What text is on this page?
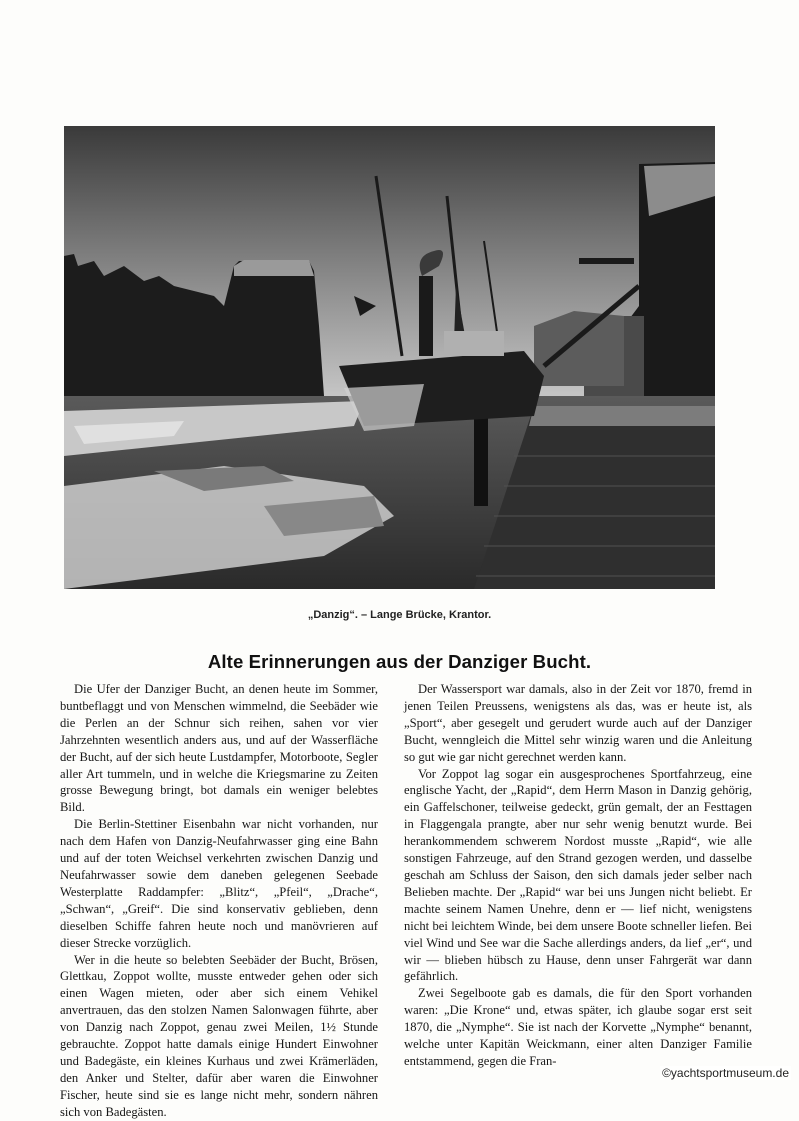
„Danzig“. – Lange Brücke, Krantor.
Alte Erinnerungen aus der Danziger Bucht.

Die Ufer der Danziger Bucht, an denen heute im Sommer, buntbeflaggt und von Menschen wimmelnd, die Seebäder wie die Perlen an der Schnur sich reihen, sahen vor vier Jahrzehnten wesentlich anders aus, und auf der Wasserfläche der Bucht, auf der sich heute Lustdampfer, Motorboote, Segler aller Art tummeln, und in welche die Kriegsmarine zu Zeiten grosse Bewegung bringt, bot damals ein weniger belebtes Bild.

Die Berlin-Stettiner Eisenbahn war nicht vorhanden, nur nach dem Hafen von Danzig-Neufahrwasser ging eine Bahn und auf der toten Weichsel verkehrten zwischen Danzig und Neufahrwasser sowie dem daneben gelegenen Seebade Westerplatte Raddampfer: „Blitz“, „Pfeil“, „Drache“, „Schwan“, „Greif“. Die sind konservativ geblieben, denn dieselben Schiffe fahren heute noch und manövrieren auf dieser Strecke vorzüglich.

Wer in die heute so belebten Seebäder der Bucht, Brösen, Glettkau, Zoppot wollte, musste entweder gehen oder sich einen Wagen mieten, oder aber sich einem Vehikel anvertrauen, das den stolzen Namen Salonwagen führte, aber von Danzig nach Zoppot, genau zwei Meilen, 1½ Stunde gebrauchte. Zoppot hatte damals einige Hundert Einwohner und Badegäste, ein kleines Kurhaus und zwei Krämerläden, den Anker und Stelter, dafür aber waren die Einwohner Fischer, heute sind sie es lange nicht mehr, sondern nähren sich von Badegästen.

Der Wassersport war damals, also in der Zeit vor 1870, fremd in jenen Teilen Preussens, wenigstens als das, was er heute ist, als „Sport“, aber gesegelt und gerudert wurde auch auf der Danziger Bucht, wenngleich die Mittel sehr winzig waren und die Anleitung so gut wie gar nicht gerechnet werden kann.

Vor Zoppot lag sogar ein ausgesprochenes Sportfahrzeug, eine englische Yacht, der „Rapid“, dem Herrn Mason in Danzig gehörig, ein Gaffelschoner, teilweise gedeckt, grün gemalt, der an Festtagen in Flaggengala prangte, aber nur sehr wenig benutzt wurde. Bei herankommendem schwerem Nordost musste „Rapid“, wie alle sonstigen Fahrzeuge, auf den Strand gezogen werden, und dasselbe geschah am Schluss der Saison, den sich damals jeder selber nach Belieben machte. Der „Rapid“ war bei uns Jungen nicht beliebt. Er machte seinem Namen Unehre, denn er — lief nicht, wenigstens nicht bei leichtem Winde, bei dem unsere Boote schneller liefen. Bei viel Wind und See war die Sache allerdings anders, da lief „er“, und wir — blieben hübsch zu Hause, denn unser Fahrgerät war dann gefährlich.

Zwei Segelboote gab es damals, die für den Sport vorhanden waren: „Die Krone“ und, etwas später, ich glaube sogar erst seit 1870, die „Nymphe“. Sie ist nach der Korvette „Nymphe“ benannt, welche unter Kapitän Weickmann, einer alten Danziger Familie entstammend, gegen die Fran-

©yachtsportmuseum.de
